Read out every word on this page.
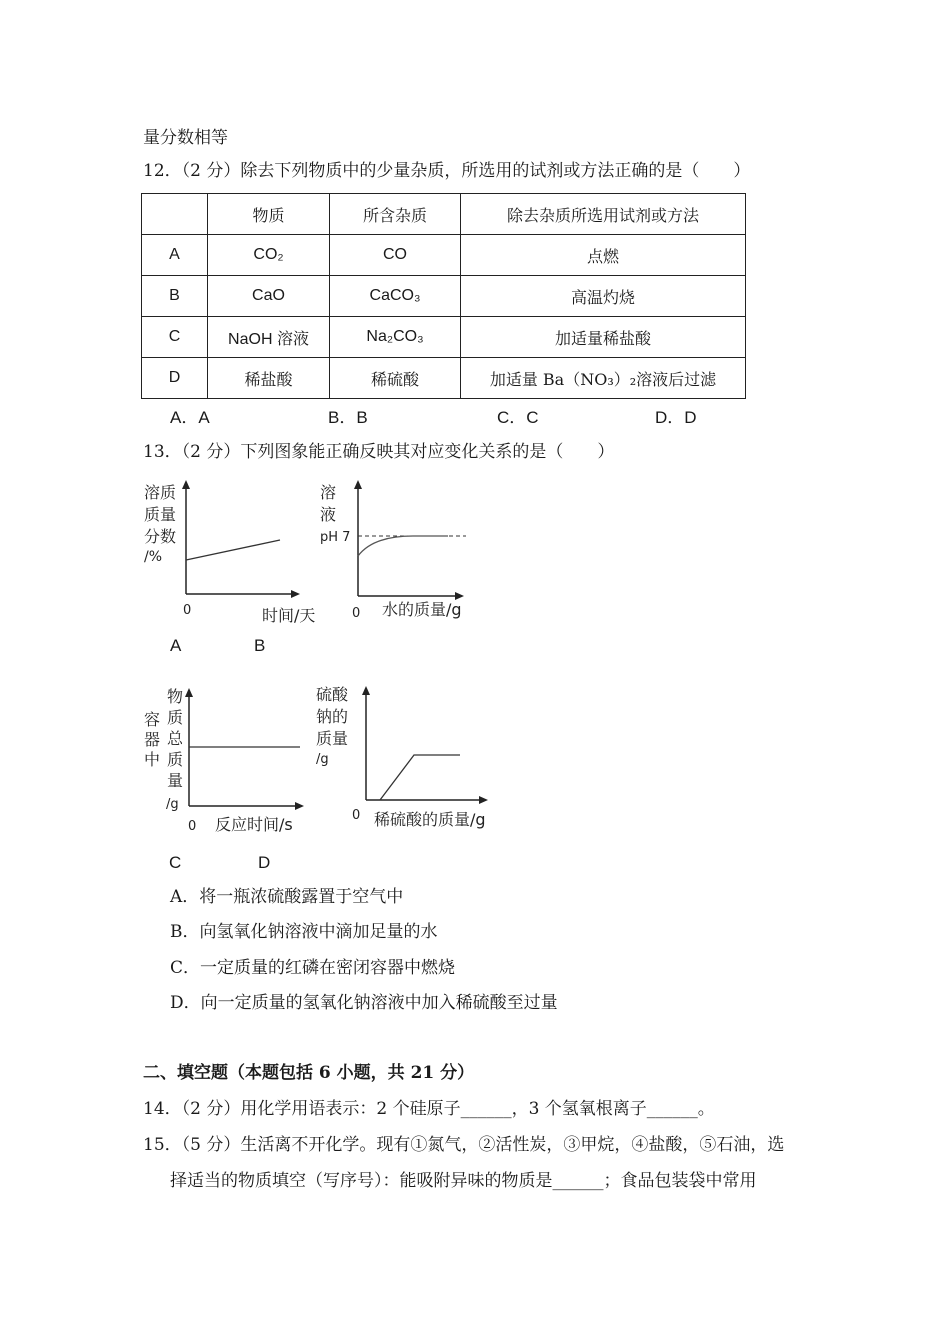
量分数相等
12．（2 分）除去下列物质中的少量杂质，所选用的试剂或方法正确的是（　　）
	物质	所含杂质	除去杂质所选用试剂或方法
A	CO₂	CO	点燃
B	CaO	CaCO₃	高温灼烧
C	NaOH 溶液	Na₂CO₃	加适量稀盐酸
D	稀盐酸	稀硫酸	加适量 Ba（NO₃）₂溶液后过滤
A．A	B．B	C．C	D．D
13．（2 分）下列图象能正确反映其对应变化关系的是（　　）
溶质
质量
分数
/%
0	时间/天
溶
液
pH 7
0 水的质量/g
A	B
容
器
中
物
质
总
质
量
/g
0 反应时间/s
硫酸
钠的
质量
/g
0 稀硫酸的质量/g
C	D
A．将一瓶浓硫酸露置于空气中
B．向氢氧化钠溶液中滴加足量的水
C．一定质量的红磷在密闭容器中燃烧
D．向一定质量的氢氧化钠溶液中加入稀硫酸至过量
二、填空题（本题包括 6 小题，共 21 分）
14．（2 分）用化学用语表示：2 个硅原子______，3 个氢氧根离子______。
15．（5 分）生活离不开化学。现有①氮气，②活性炭，③甲烷，④盐酸，⑤石油，选
择适当的物质填空（写序号）：能吸附异味的物质是______；食品包装袋中常用
